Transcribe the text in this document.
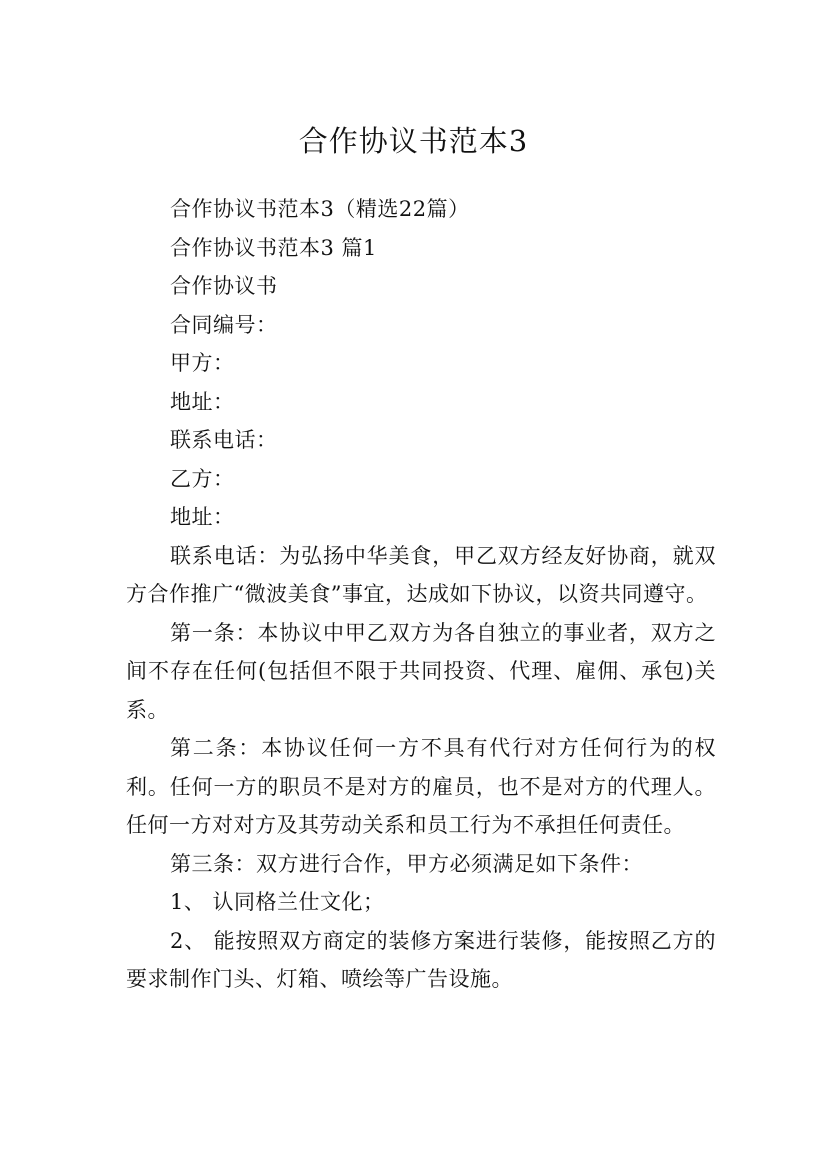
合作协议书范本3

合作协议书范本3（精选22篇）

合作协议书范本3 篇1

合作协议书

合同编号：

甲方：

地址：

联系电话：

乙方：

地址：

联系电话：为弘扬中华美食，甲乙双方经友好协商，就双方合作推广“微波美食”事宜，达成如下协议，以资共同遵守。

第一条：本协议中甲乙双方为各自独立的事业者，双方之间不存在任何(包括但不限于共同投资、代理、雇佣、承包)关系。

第二条：本协议任何一方不具有代行对方任何行为的权利。任何一方的职员不是对方的雇员，也不是对方的代理人。任何一方对对方及其劳动关系和员工行为不承担任何责任。

第三条：双方进行合作，甲方必须满足如下条件：

1、 认同格兰仕文化；

2、 能按照双方商定的装修方案进行装修，能按照乙方的要求制作门头、灯箱、喷绘等广告设施。
